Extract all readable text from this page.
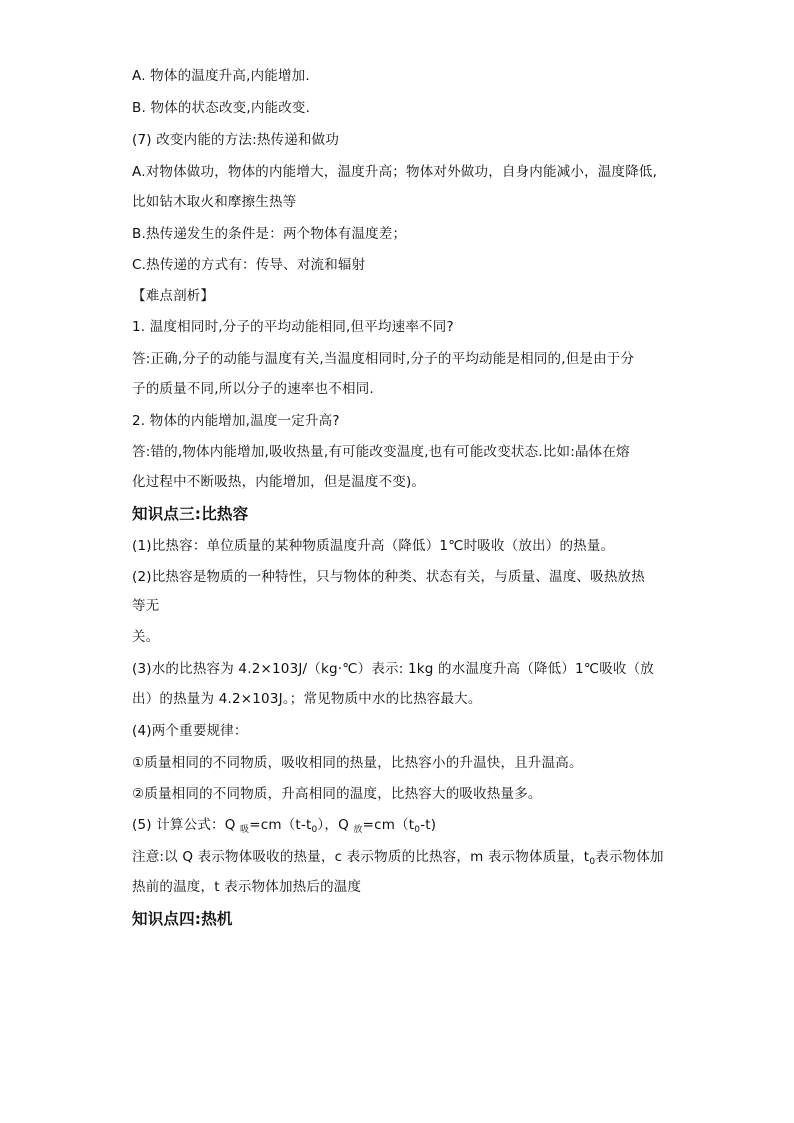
A. 物体的温度升高,内能增加.
B. 物体的状态改变,内能改变.
(7) 改变内能的方法:热传递和做功
A.对物体做功，物体的内能增大，温度升高；物体对外做功，自身内能减小，温度降低,
比如钻木取火和摩擦生热等
B.热传递发生的条件是：两个物体有温度差；
C.热传递的方式有：传导、对流和辐射
【难点剖析】
1. 温度相同时,分子的平均动能相同,但平均速率不同?
答:正确,分子的动能与温度有关,当温度相同时,分子的平均动能是相同的,但是由于分
子的质量不同,所以分子的速率也不相同.
2. 物体的内能增加,温度一定升高?
答:错的,物体内能增加,吸收热量,有可能改变温度,也有可能改变状态.比如:晶体在熔
化过程中不断吸热，内能增加，但是温度不变)。
知识点三:比热容
(1)比热容：单位质量的某种物质温度升高（降低）1℃时吸收（放出）的热量。
(2)比热容是物质的一种特性，只与物体的种类、状态有关，与质量、温度、吸热放热
等无
关。
(3)水的比热容为 4.2×103J/（kg·℃）表示: 1kg 的水温度升高（降低）1℃吸收（放
出）的热量为 4.2×103J。；常见物质中水的比热容最大。
(4)两个重要规律：
①质量相同的不同物质，吸收相同的热量，比热容小的升温快，且升温高。
②质量相同的不同物质，升高相同的温度，比热容大的吸收热量多。
(5) 计算公式：Q $_吸=cm(t-t_0)$，Q $_放=cm(t_0-t)$
注意:以 Q 表示物体吸收的热量，c 表示物质的比热容，m 表示物体质量，$t_0$表示物体加
热前的温度，t 表示物体加热后的温度
知识点四:热机
